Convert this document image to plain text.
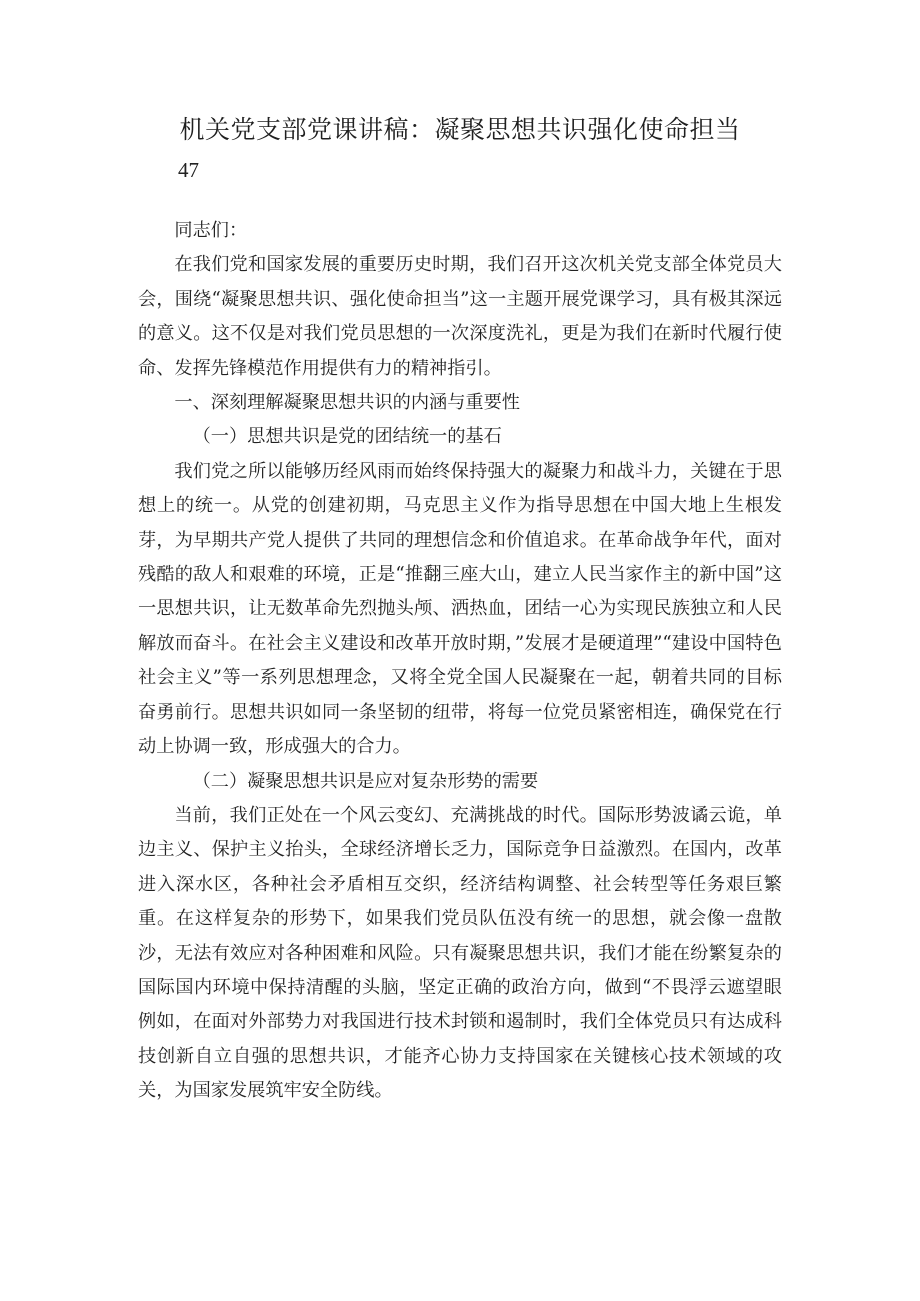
机关党支部党课讲稿：凝聚思想共识强化使命担当
47

同志们：

在我们党和国家发展的重要历史时期，我们召开这次机关党支部全体党员大会，围绕“凝聚思想共识、强化使命担当”这一主题开展党课学习，具有极其深远的意义。这不仅是对我们党员思想的一次深度洗礼，更是为我们在新时代履行使命、发挥先锋模范作用提供有力的精神指引。

一、深刻理解凝聚思想共识的内涵与重要性

（一）思想共识是党的团结统一的基石

我们党之所以能够历经风雨而始终保持强大的凝聚力和战斗力，关键在于思想上的统一。从党的创建初期，马克思主义作为指导思想在中国大地上生根发芽，为早期共产党人提供了共同的理想信念和价值追求。在革命战争年代，面对残酷的敌人和艰难的环境，正是“推翻三座大山，建立人民当家作主的新中国”这一思想共识，让无数革命先烈抛头颅、洒热血，团结一心为实现民族独立和人民解放而奋斗。在社会主义建设和改革开放时期，”发展才是硬道理”“建设中国特色社会主义”等一系列思想理念，又将全党全国人民凝聚在一起，朝着共同的目标奋勇前行。思想共识如同一条坚韧的纽带，将每一位党员紧密相连，确保党在行动上协调一致，形成强大的合力。

（二）凝聚思想共识是应对复杂形势的需要

当前，我们正处在一个风云变幻、充满挑战的时代。国际形势波谲云诡，单边主义、保护主义抬头，全球经济增长乏力，国际竞争日益激烈。在国内，改革进入深水区，各种社会矛盾相互交织，经济结构调整、社会转型等任务艰巨繁重。在这样复杂的形势下，如果我们党员队伍没有统一的思想，就会像一盘散沙，无法有效应对各种困难和风险。只有凝聚思想共识，我们才能在纷繁复杂的国际国内环境中保持清醒的头脑，坚定正确的政治方向，做到“不畏浮云遮望眼例如，在面对外部势力对我国进行技术封锁和遏制时，我们全体党员只有达成科技创新自立自强的思想共识，才能齐心协力支持国家在关键核心技术领域的攻关，为国家发展筑牢安全防线。
